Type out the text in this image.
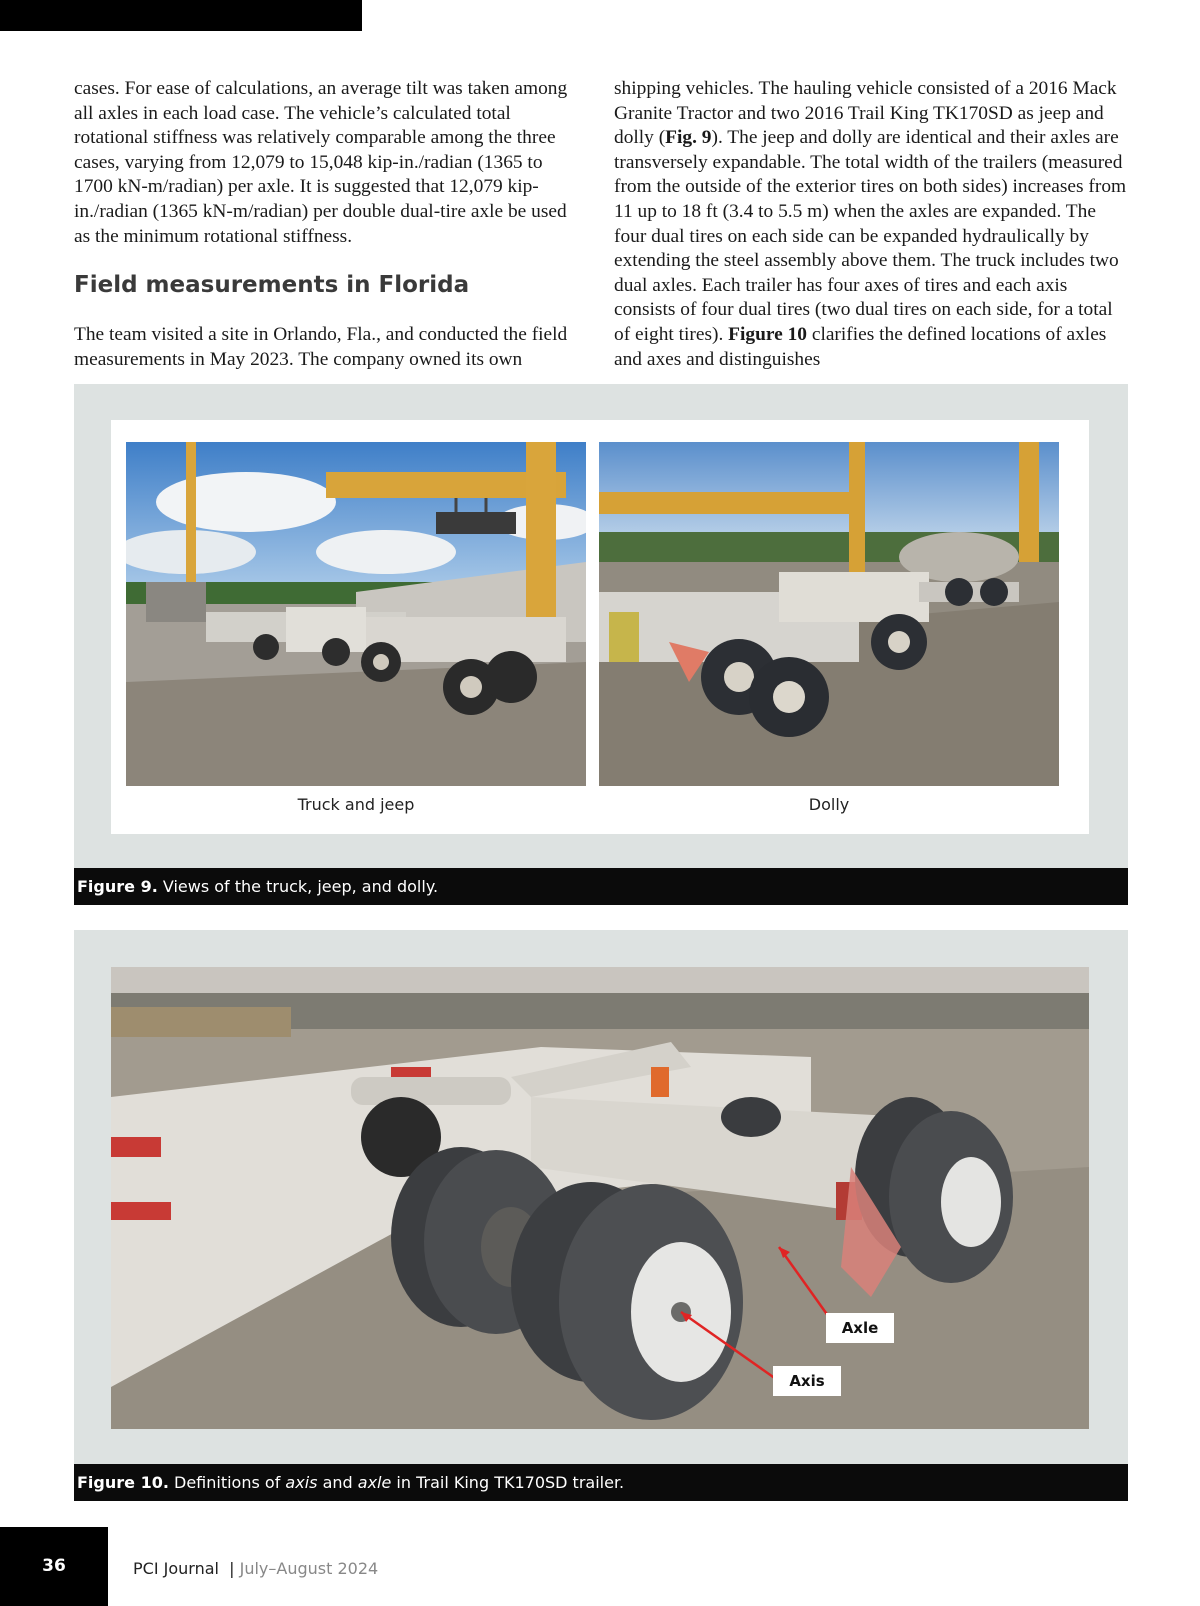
cases. For ease of calculations, an average tilt was taken among all axles in each load case. The vehicle’s calculated total rotational stiffness was relatively comparable among the three cases, varying from 12,079 to 15,048 kip-in./radian (1365 to 1700 kN-m/radian) per axle. It is suggested that 12,079 kip-in./radian (1365 kN-m/radian) per double dual-tire axle be used as the minimum rotational stiffness.

Field measurements in Florida

The team visited a site in Orlando, Fla., and conducted the field measurements in May 2023. The company owned its own

shipping vehicles. The hauling vehicle consisted of a 2016 Mack Granite Tractor and two 2016 Trail King TK170SD as jeep and dolly (Fig. 9). The jeep and dolly are identical and their axles are transversely expandable. The total width of the trailers (measured from the outside of the exterior tires on both sides) increases from 11 up to 18 ft (3.4 to 5.5 m) when the axles are expanded. The four dual tires on each side can be expanded hydraulically by extending the steel assembly above them. The truck includes two dual axles. Each trailer has four axes of tires and each axis consists of four dual tires (two dual tires on each side, for a total of eight tires). Figure 10 clarifies the defined locations of axles and axes and distinguishes

Truck and jeep	Dolly
Figure 9. Views of the truck, jeep, and dolly.
Axle
Axis
Figure 10. Definitions of axis and axle in Trail King TK170SD trailer.
36	PCI Journal | July–August 2024
